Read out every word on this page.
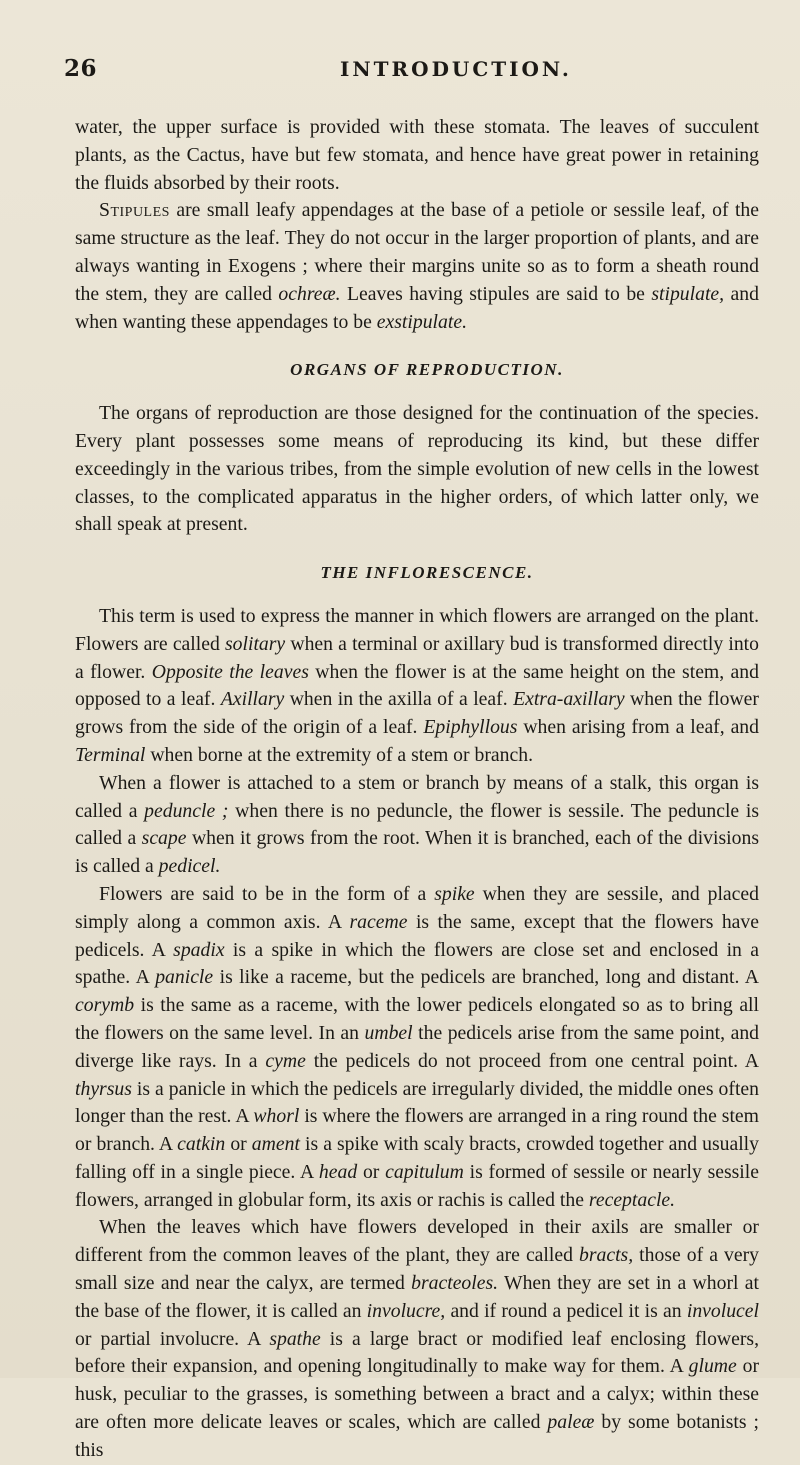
26	INTRODUCTION.

water, the upper surface is provided with these stomata. The leaves of succulent plants, as the Cactus, have but few stomata, and hence have great power in retaining the fluids absorbed by their roots.

Stipules are small leafy appendages at the base of a petiole or sessile leaf, of the same structure as the leaf. They do not occur in the larger proportion of plants, and are always wanting in Exogens ; where their margins unite so as to form a sheath round the stem, they are called ochreæ. Leaves having stipules are said to be stipulate, and when wanting these appendages to be exstipulate.

ORGANS OF REPRODUCTION.

The organs of reproduction are those designed for the continuation of the species. Every plant possesses some means of reproducing its kind, but these differ exceedingly in the various tribes, from the simple evolution of new cells in the lowest classes, to the complicated apparatus in the higher orders, of which latter only, we shall speak at present.

THE INFLORESCENCE.

This term is used to express the manner in which flowers are arranged on the plant. Flowers are called solitary when a terminal or axillary bud is transformed directly into a flower. Opposite the leaves when the flower is at the same height on the stem, and opposed to a leaf. Axillary when in the axilla of a leaf. Extra-axillary when the flower grows from the side of the origin of a leaf. Epiphyllous when arising from a leaf, and Terminal when borne at the extremity of a stem or branch.

When a flower is attached to a stem or branch by means of a stalk, this organ is called a peduncle ; when there is no peduncle, the flower is sessile. The peduncle is called a scape when it grows from the root. When it is branched, each of the divisions is called a pedicel.

Flowers are said to be in the form of a spike when they are sessile, and placed simply along a common axis. A raceme is the same, except that the flowers have pedicels. A spadix is a spike in which the flowers are close set and enclosed in a spathe. A panicle is like a raceme, but the pedicels are branched, long and distant. A corymb is the same as a raceme, with the lower pedicels elongated so as to bring all the flowers on the same level. In an umbel the pedicels arise from the same point, and diverge like rays. In a cyme the pedicels do not proceed from one central point. A thyrsus is a panicle in which the pedicels are irregularly divided, the middle ones often longer than the rest. A whorl is where the flowers are arranged in a ring round the stem or branch. A catkin or ament is a spike with scaly bracts, crowded together and usually falling off in a single piece. A head or capitulum is formed of sessile or nearly sessile flowers, arranged in globular form, its axis or rachis is called the receptacle.

When the leaves which have flowers developed in their axils are smaller or different from the common leaves of the plant, they are called bracts, those of a very small size and near the calyx, are termed bracteoles. When they are set in a whorl at the base of the flower, it is called an involucre, and if round a pedicel it is an involucel or partial involucre. A spathe is a large bract or modified leaf enclosing flowers, before their expansion, and opening longitudinally to make way for them. A glume or husk, peculiar to the grasses, is something between a bract and a calyx; within these are often more delicate leaves or scales, which are called paleæ by some botanists ; this
